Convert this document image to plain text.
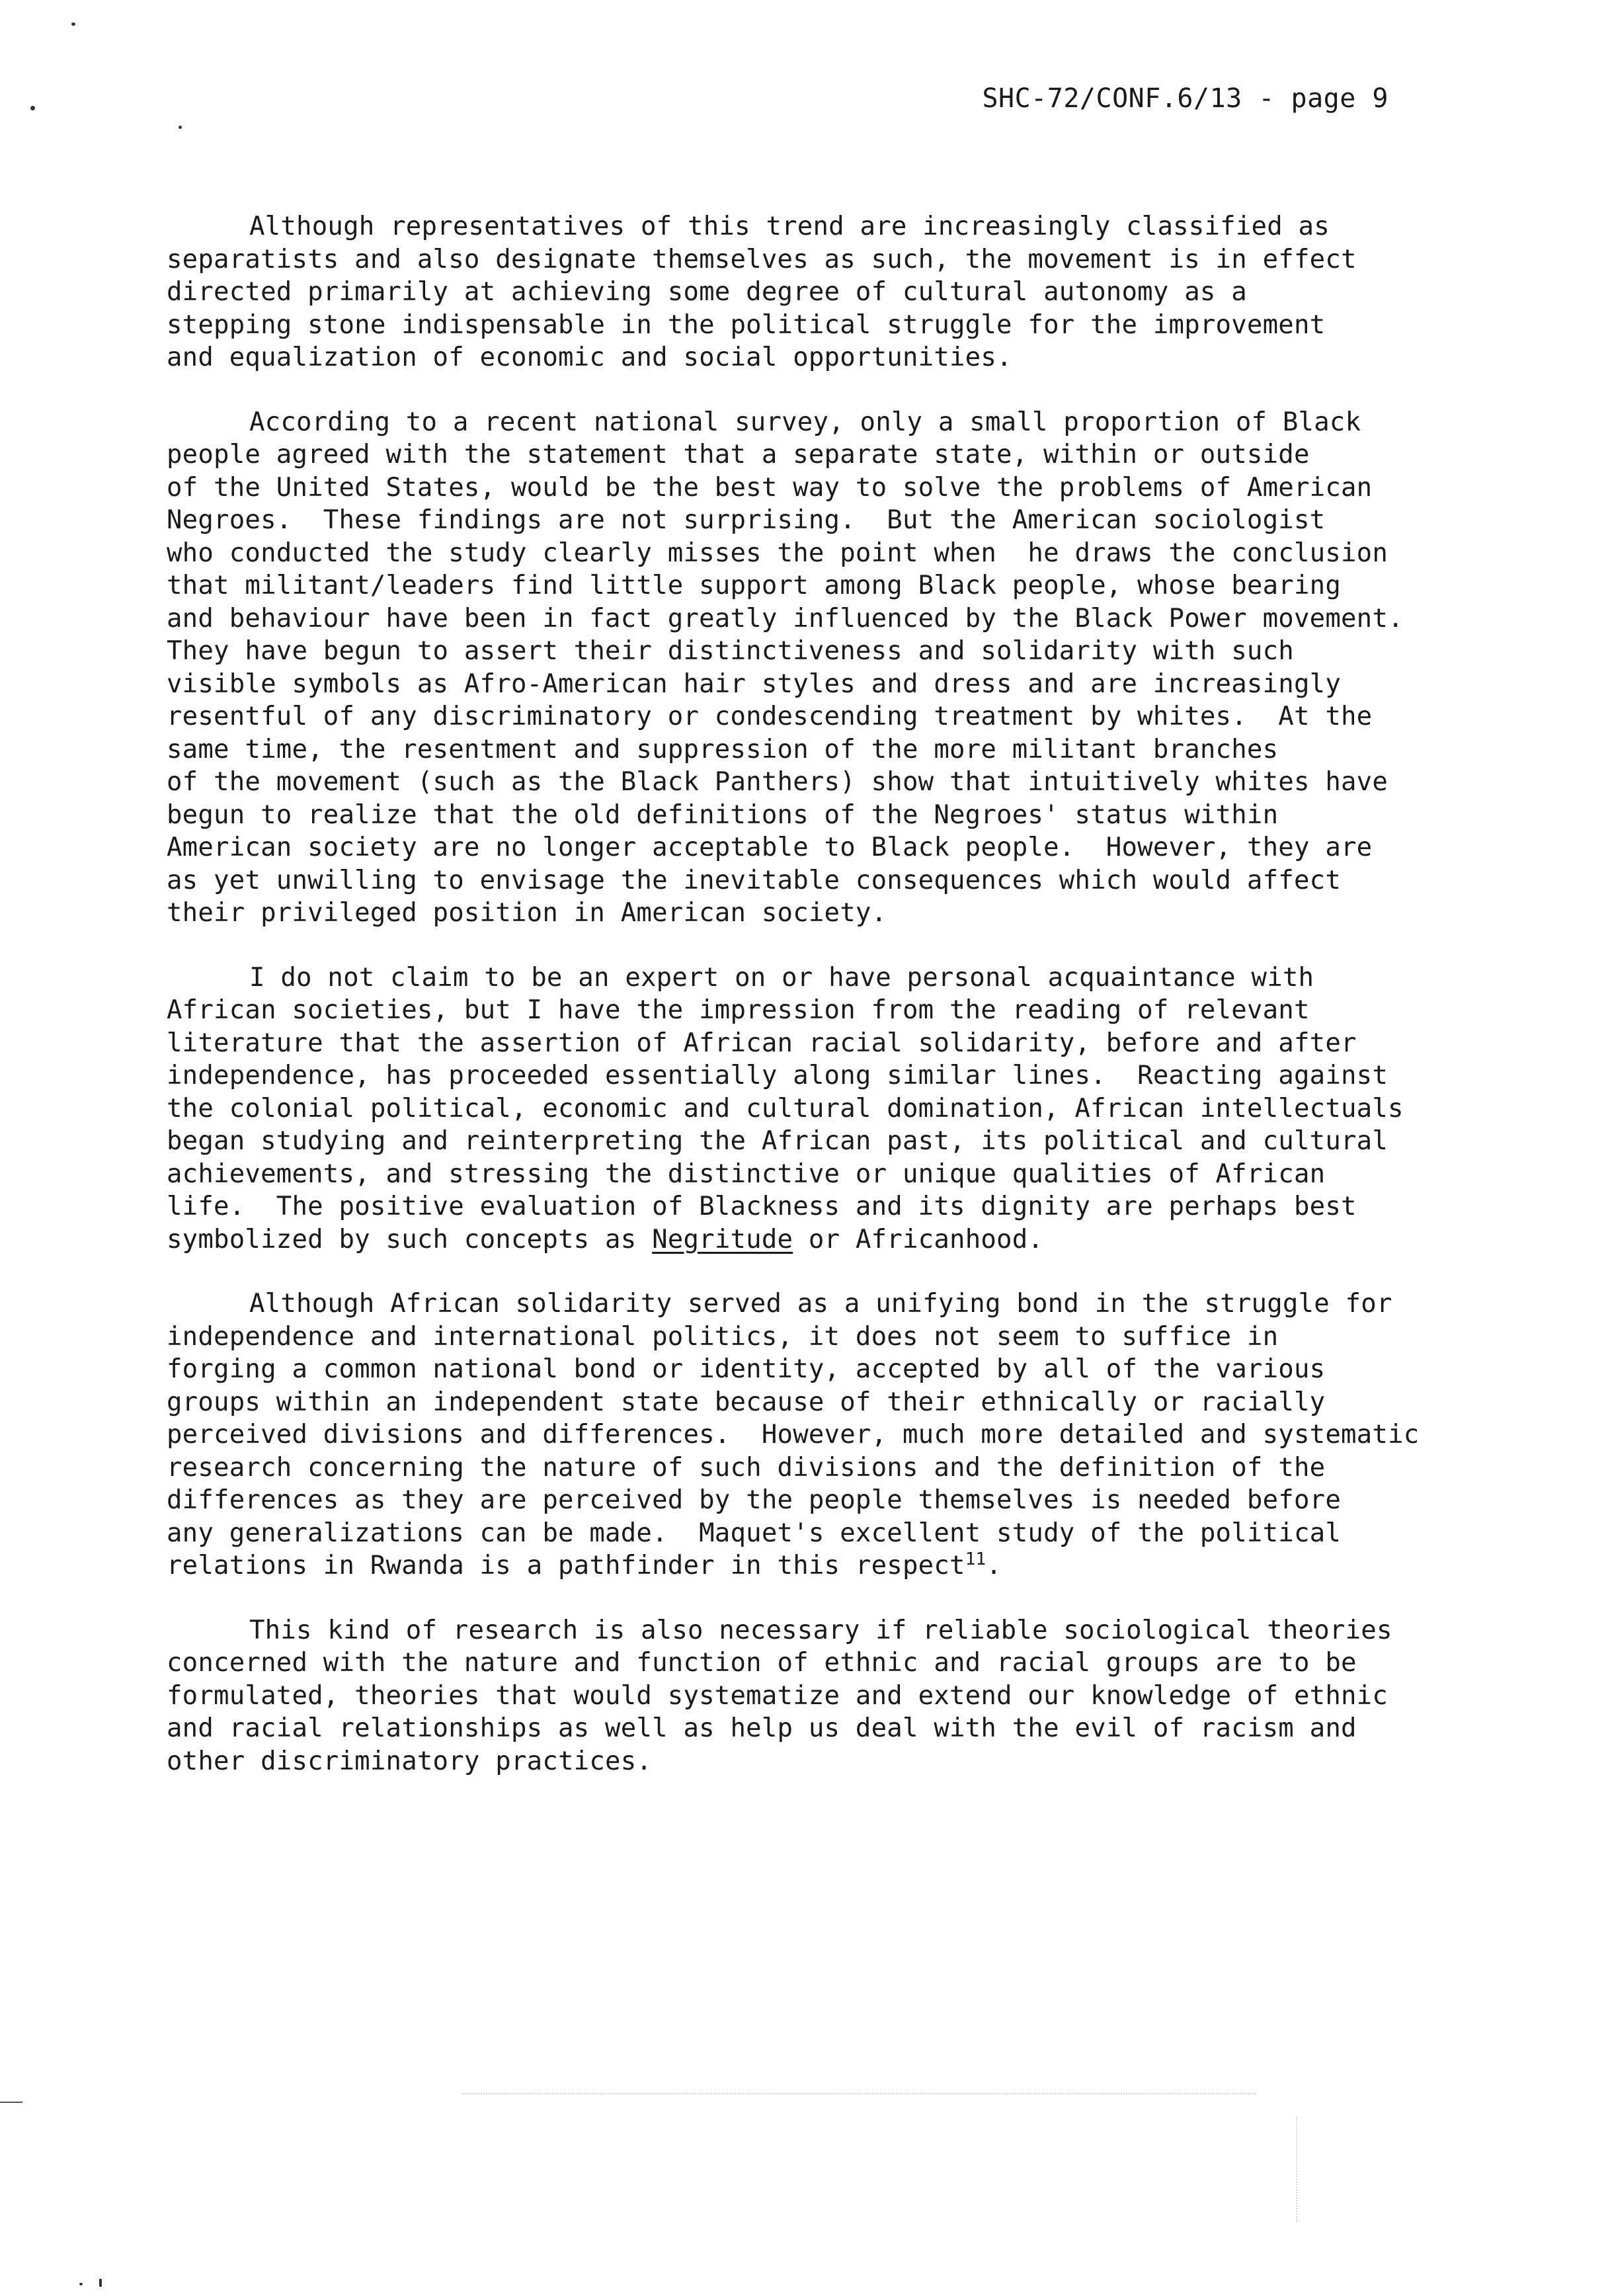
SHC-72/CONF.6/13 - page 9
Although representatives of this trend are increasingly classified as
separatists and also designate themselves as such, the movement is in effect
directed primarily at achieving some degree of cultural autonomy as a
stepping stone indispensable in the political struggle for the improvement
and equalization of economic and social opportunities.
According to a recent national survey, only a small proportion of Black
people agreed with the statement that a separate state, within or outside
of the United States, would be the best way to solve the problems of American
Negroes.  These findings are not surprising.  But the American sociologist
who conducted the study clearly misses the point when  he draws the conclusion
that militant/leaders find little support among Black people, whose bearing
and behaviour have been in fact greatly influenced by the Black Power movement.
They have begun to assert their distinctiveness and solidarity with such
visible symbols as Afro-American hair styles and dress and are increasingly
resentful of any discriminatory or condescending treatment by whites.  At the
same time, the resentment and suppression of the more militant branches
of the movement (such as the Black Panthers) show that intuitively whites have
begun to realize that the old definitions of the Negroes' status within
American society are no longer acceptable to Black people.  However, they are
as yet unwilling to envisage the inevitable consequences which would affect
their privileged position in American society.
I do not claim to be an expert on or have personal acquaintance with
African societies, but I have the impression from the reading of relevant
literature that the assertion of African racial solidarity, before and after
independence, has proceeded essentially along similar lines.  Reacting against
the colonial political, economic and cultural domination, African intellectuals
began studying and reinterpreting the African past, its political and cultural
achievements, and stressing the distinctive or unique qualities of African
life.  The positive evaluation of Blackness and its dignity are perhaps best
symbolized by such concepts as Negritude or Africanhood.
Although African solidarity served as a unifying bond in the struggle for
independence and international politics, it does not seem to suffice in
forging a common national bond or identity, accepted by all of the various
groups within an independent state because of their ethnically or racially
perceived divisions and differences.  However, much more detailed and systematic
research concerning the nature of such divisions and the definition of the
differences as they are perceived by the people themselves is needed before
any generalizations can be made.  Maquet's excellent study of the political
relations in Rwanda is a pathfinder in this respect$^{11}$.
This kind of research is also necessary if reliable sociological theories
concerned with the nature and function of ethnic and racial groups are to be
formulated, theories that would systematize and extend our knowledge of ethnic
and racial relationships as well as help us deal with the evil of racism and
other discriminatory practices.
